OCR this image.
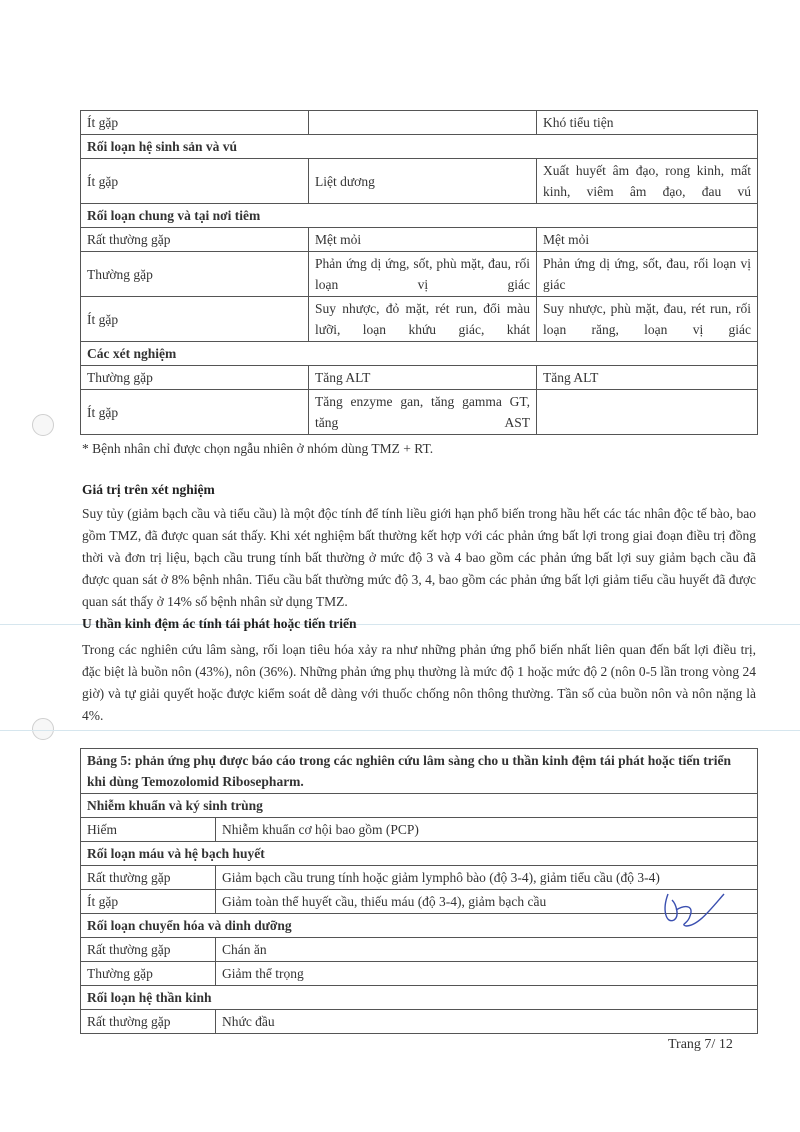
Ít gặp		Khó tiểu tiện
Rối loạn hệ sinh sản và vú		
Ít gặp	Liệt dương	Xuất huyết âm đạo, rong kinh, mất kinh, viêm âm đạo, đau vú
Rối loạn chung và tại nơi tiêm		
Rất thường gặp	Mệt mỏi	Mệt mỏi
Thường gặp	Phản ứng dị ứng, sốt, phù mặt, đau, rối loạn vị giác	Phản ứng dị ứng, sốt, đau, rối loạn vị giác
Ít gặp	Suy nhược, đỏ mặt, rét run, đổi màu lưỡi, loạn khứu giác, khát	Suy nhược, phù mặt, đau, rét run, rối loạn răng, loạn vị giác
Các xét nghiệm		
Thường gặp	Tăng ALT	Tăng ALT
Ít gặp	Tăng enzyme gan, tăng gamma GT, tăng AST	
* Bệnh nhân chỉ được chọn ngẫu nhiên ở nhóm dùng TMZ + RT.
Giá trị trên xét nghiệm
Suy tủy (giảm bạch cầu và tiểu cầu) là một độc tính để tính liều giới hạn phổ biến trong hầu hết các tác nhân độc tế bào, bao gồm TMZ, đã được quan sát thấy. Khi xét nghiệm bất thường kết hợp với các phản ứng bất lợi trong giai đoạn điều trị đồng thời và đơn trị liệu, bạch cầu trung tính bất thường ở mức độ 3 và 4 bao gồm các phản ứng bất lợi suy giảm bạch cầu đã được quan sát ở 8% bệnh nhân. Tiểu cầu bất thường mức độ 3, 4, bao gồm các phản ứng bất lợi giảm tiểu cầu huyết đã được quan sát thấy ở 14% số bệnh nhân sử dụng TMZ.
U thần kinh đệm ác tính tái phát hoặc tiến triển
Trong các nghiên cứu lâm sàng, rối loạn tiêu hóa xảy ra như những phản ứng phổ biến nhất liên quan đến bất lợi điều trị, đặc biệt là buồn nôn (43%), nôn (36%). Những phản ứng phụ thường là mức độ 1 hoặc mức độ 2 (nôn 0-5 lần trong vòng 24 giờ) và tự giải quyết hoặc được kiểm soát dễ dàng với thuốc chống nôn thông thường. Tần số của buồn nôn và nôn nặng là 4%.
Bảng 5: phản ứng phụ được báo cáo trong các nghiên cứu lâm sàng cho u thần kinh đệm tái phát hoặc tiến triển khi dùng Temozolomid Ribosepharm.	
Nhiễm khuẩn và ký sinh trùng	
Hiếm	Nhiễm khuẩn cơ hội bao gồm (PCP)
Rối loạn máu và hệ bạch huyết	
Rất thường gặp	Giảm bạch cầu trung tính hoặc giảm lymphô bào (độ 3-4), giảm tiểu cầu (độ 3-4)
Ít gặp	Giảm toàn thể huyết cầu, thiếu máu (độ 3-4), giảm bạch cầu
Rối loạn chuyển hóa và dinh dưỡng	
Rất thường gặp	Chán ăn
Thường gặp	Giảm thể trọng
Rối loạn hệ thần kinh	
Rất thường gặp	Nhức đầu
Trang 7/ 12
